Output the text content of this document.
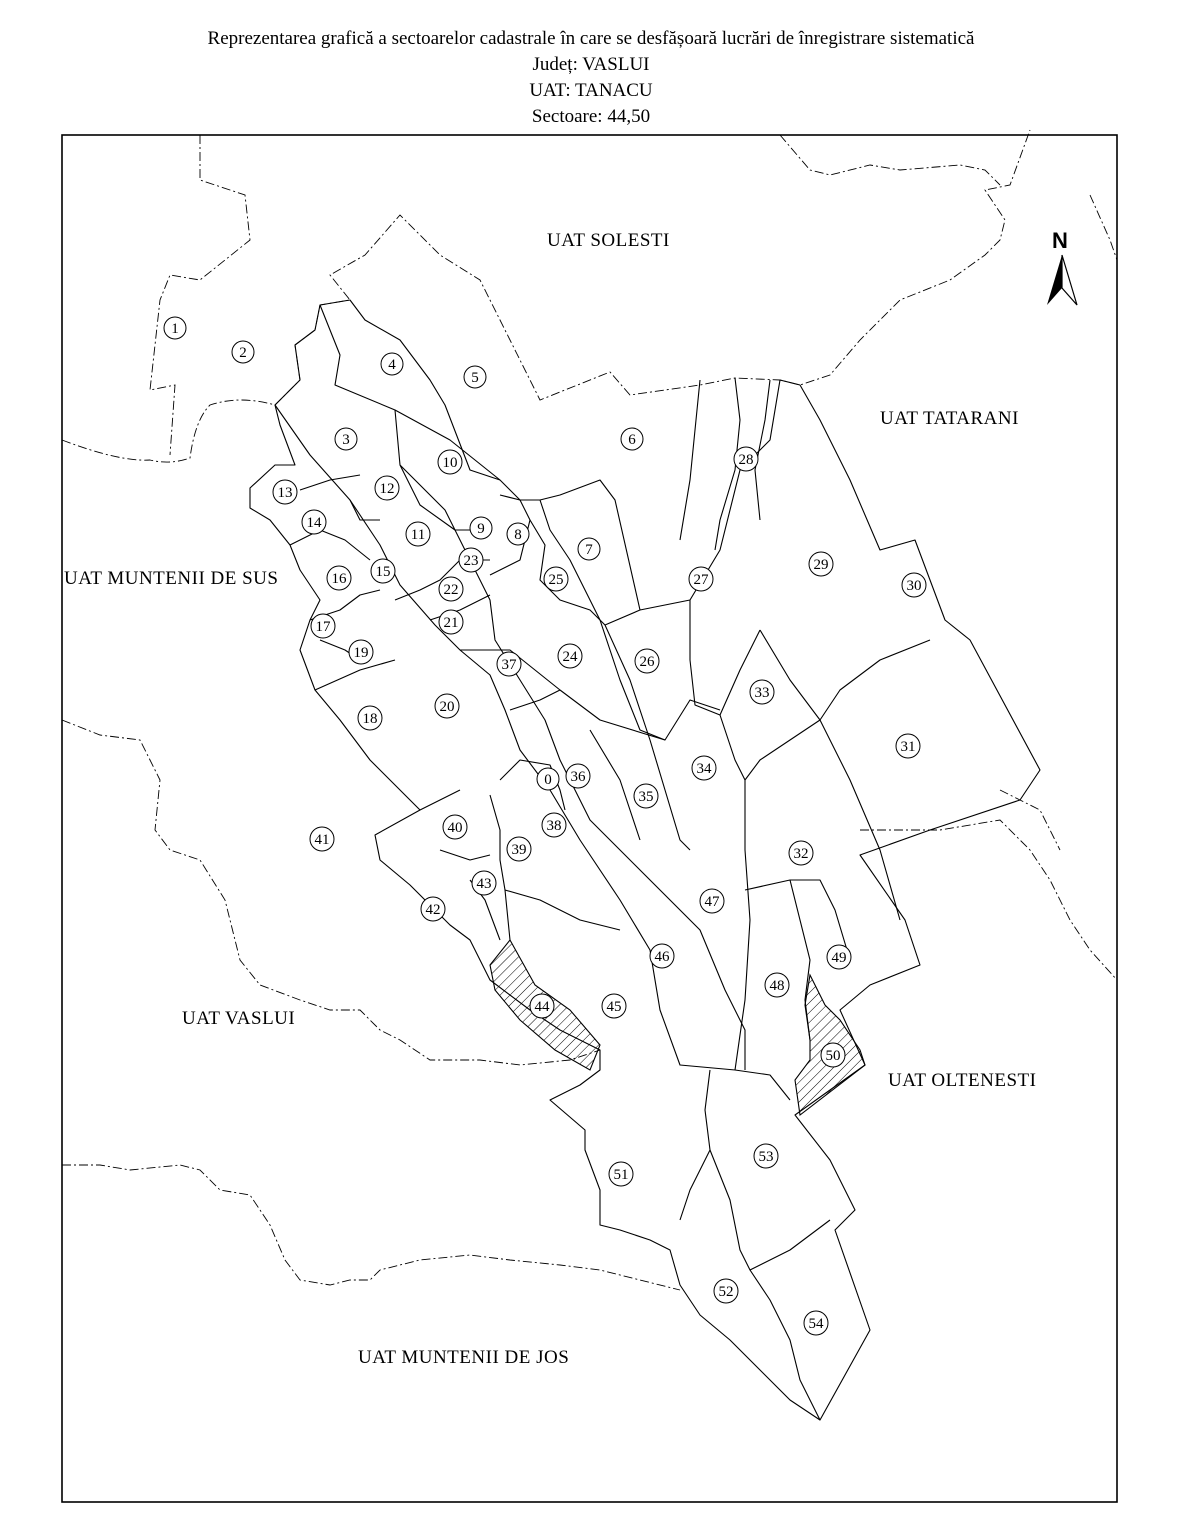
Reprezentarea grafică a sectoarelor cadastrale în care se desfășoară lucrări de înregistrare sistematică
Județ: VASLUI
UAT: TANACU
Sectoare: 44,50
UAT SOLESTI
UAT TATARANI
UAT MUNTENII DE SUS
UAT VASLUI
UAT OLTENESTI
UAT MUNTENII DE JOS
N
0
1
2
3
4
5
6
7
8
9
10
11
12
13
14
15
16
17
18
19
20
21
22
23
24
25
26
27
28
29
30
31
32
33
34
35
36
37
38
39
40
41
42
43
44	45
46
47
48
49
50
51
52
53
54
